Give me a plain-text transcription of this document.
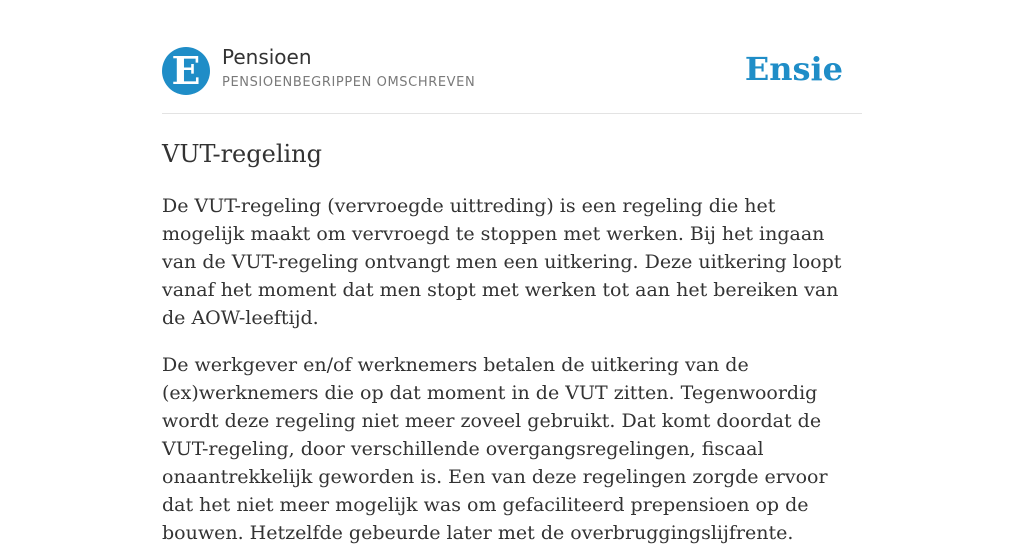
E	Pensioen
PENSIOENBEGRIPPEN OMSCHREVEN	Ensie
VUT-regeling

De VUT-regeling (vervroegde uittreding) is een regeling die het mogelijk maakt om vervroegd te stoppen met werken. Bij het ingaan van de VUT-regeling ontvangt men een uitkering. Deze uitkering loopt vanaf het moment dat men stopt met werken tot aan het bereiken van de AOW-leeftijd.

De werkgever en/of werknemers betalen de uitkering van de (ex)werknemers die op dat moment in de VUT zitten. Tegenwoordig wordt deze regeling niet meer zoveel gebruikt. Dat komt doordat de VUT-regeling, door verschillende overgangsregelingen, fiscaal onaantrekkelijk geworden is. Een van deze regelingen zorgde ervoor dat het niet meer mogelijk was om gefaciliteerd prepensioen op de bouwen. Hetzelfde gebeurde later met de overbruggingslijfrente.
